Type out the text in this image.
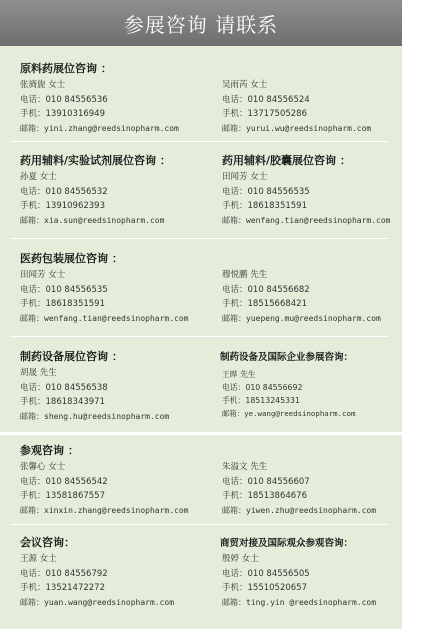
参展咨询 请联系
原料药展位咨询 ：
张旖旎 女士
电话：010 84556536
手机：13910316949
邮箱：yini.zhang@reedsinopharm.com
吴雨芮 女士
电话：010 84556524
手机：13717505286
邮箱：yurui.wu@reedsinopharm.com
药用辅料/实验试剂展位咨询 ：	药用辅料/胶囊展位咨询 ：
孙夏 女士
电话：010 84556532
手机：13910962393
邮箱：xia.sun@reedsinopharm.com
田闻芳 女士
电话：010 84556535
手机：18618351591
邮箱：wenfang.tian@reedsinopharm.com
医药包装展位咨询 ：
田闻芳 女士
电话：010 84556535
手机：18618351591
邮箱：wenfang.tian@reedsinopharm.com
穆悦鹏 先生
电话：010 84556682
手机：18515668421
邮箱：yuepeng.mu@reedsinopharm.com
制药设备展位咨询 ：	制药设备及国际企业参展咨询：
胡晟 先生
电话：010 84556538
手机：18618343971
邮箱：sheng.hu@reedsinopharm.com
王晔 先生
电话：010 84556692
手机：18513245331
邮箱：ye.wang@reedsinopharm.com
参观咨询 ：
张馨心 女士
电话：010 84556542
手机：13581867557
邮箱：xinxin.zhang@reedsinopharm.com
朱溢文 先生
电话：010 84556607
手机：18513864676
邮箱：yiwen.zhu@reedsinopharm.com
会议咨询：	商贸对接及国际观众参观咨询：
王源 女士
电话：010 84556792
手机：13521472272
邮箱：yuan.wang@reedsinopharm.com
殷婷 女士
电话：010 84556505
手机：15510520657
邮箱：ting.yin @reedsinopharm.com
